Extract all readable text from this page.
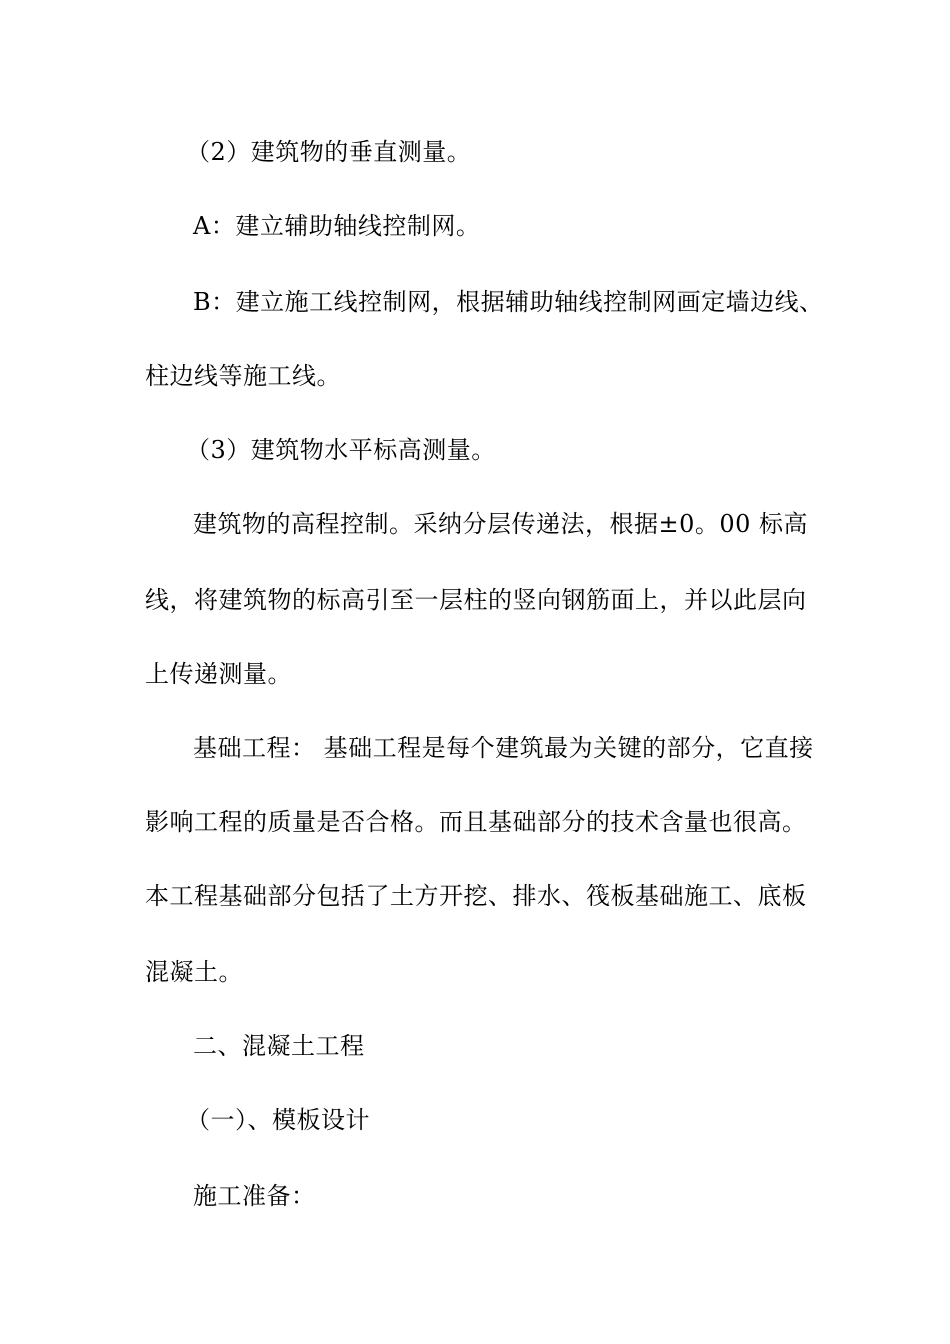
（2）建筑物的垂直测量。
A：建立辅助轴线控制网。
B：建立施工线控制网，根据辅助轴线控制网画定墙边线、
柱边线等施工线。
（3）建筑物水平标高测量。
建筑物的高程控制。采纳分层传递法，根据±0。00 标高
线，将建筑物的标高引至一层柱的竖向钢筋面上，并以此层向
上传递测量。
基础工程： 基础工程是每个建筑最为关键的部分，它直接
影响工程的质量是否合格。而且基础部分的技术含量也很高。
本工程基础部分包括了土方开挖、排水、筏板基础施工、底板
混凝土。
二、混凝土工程
（一）、模板设计
施工准备：
